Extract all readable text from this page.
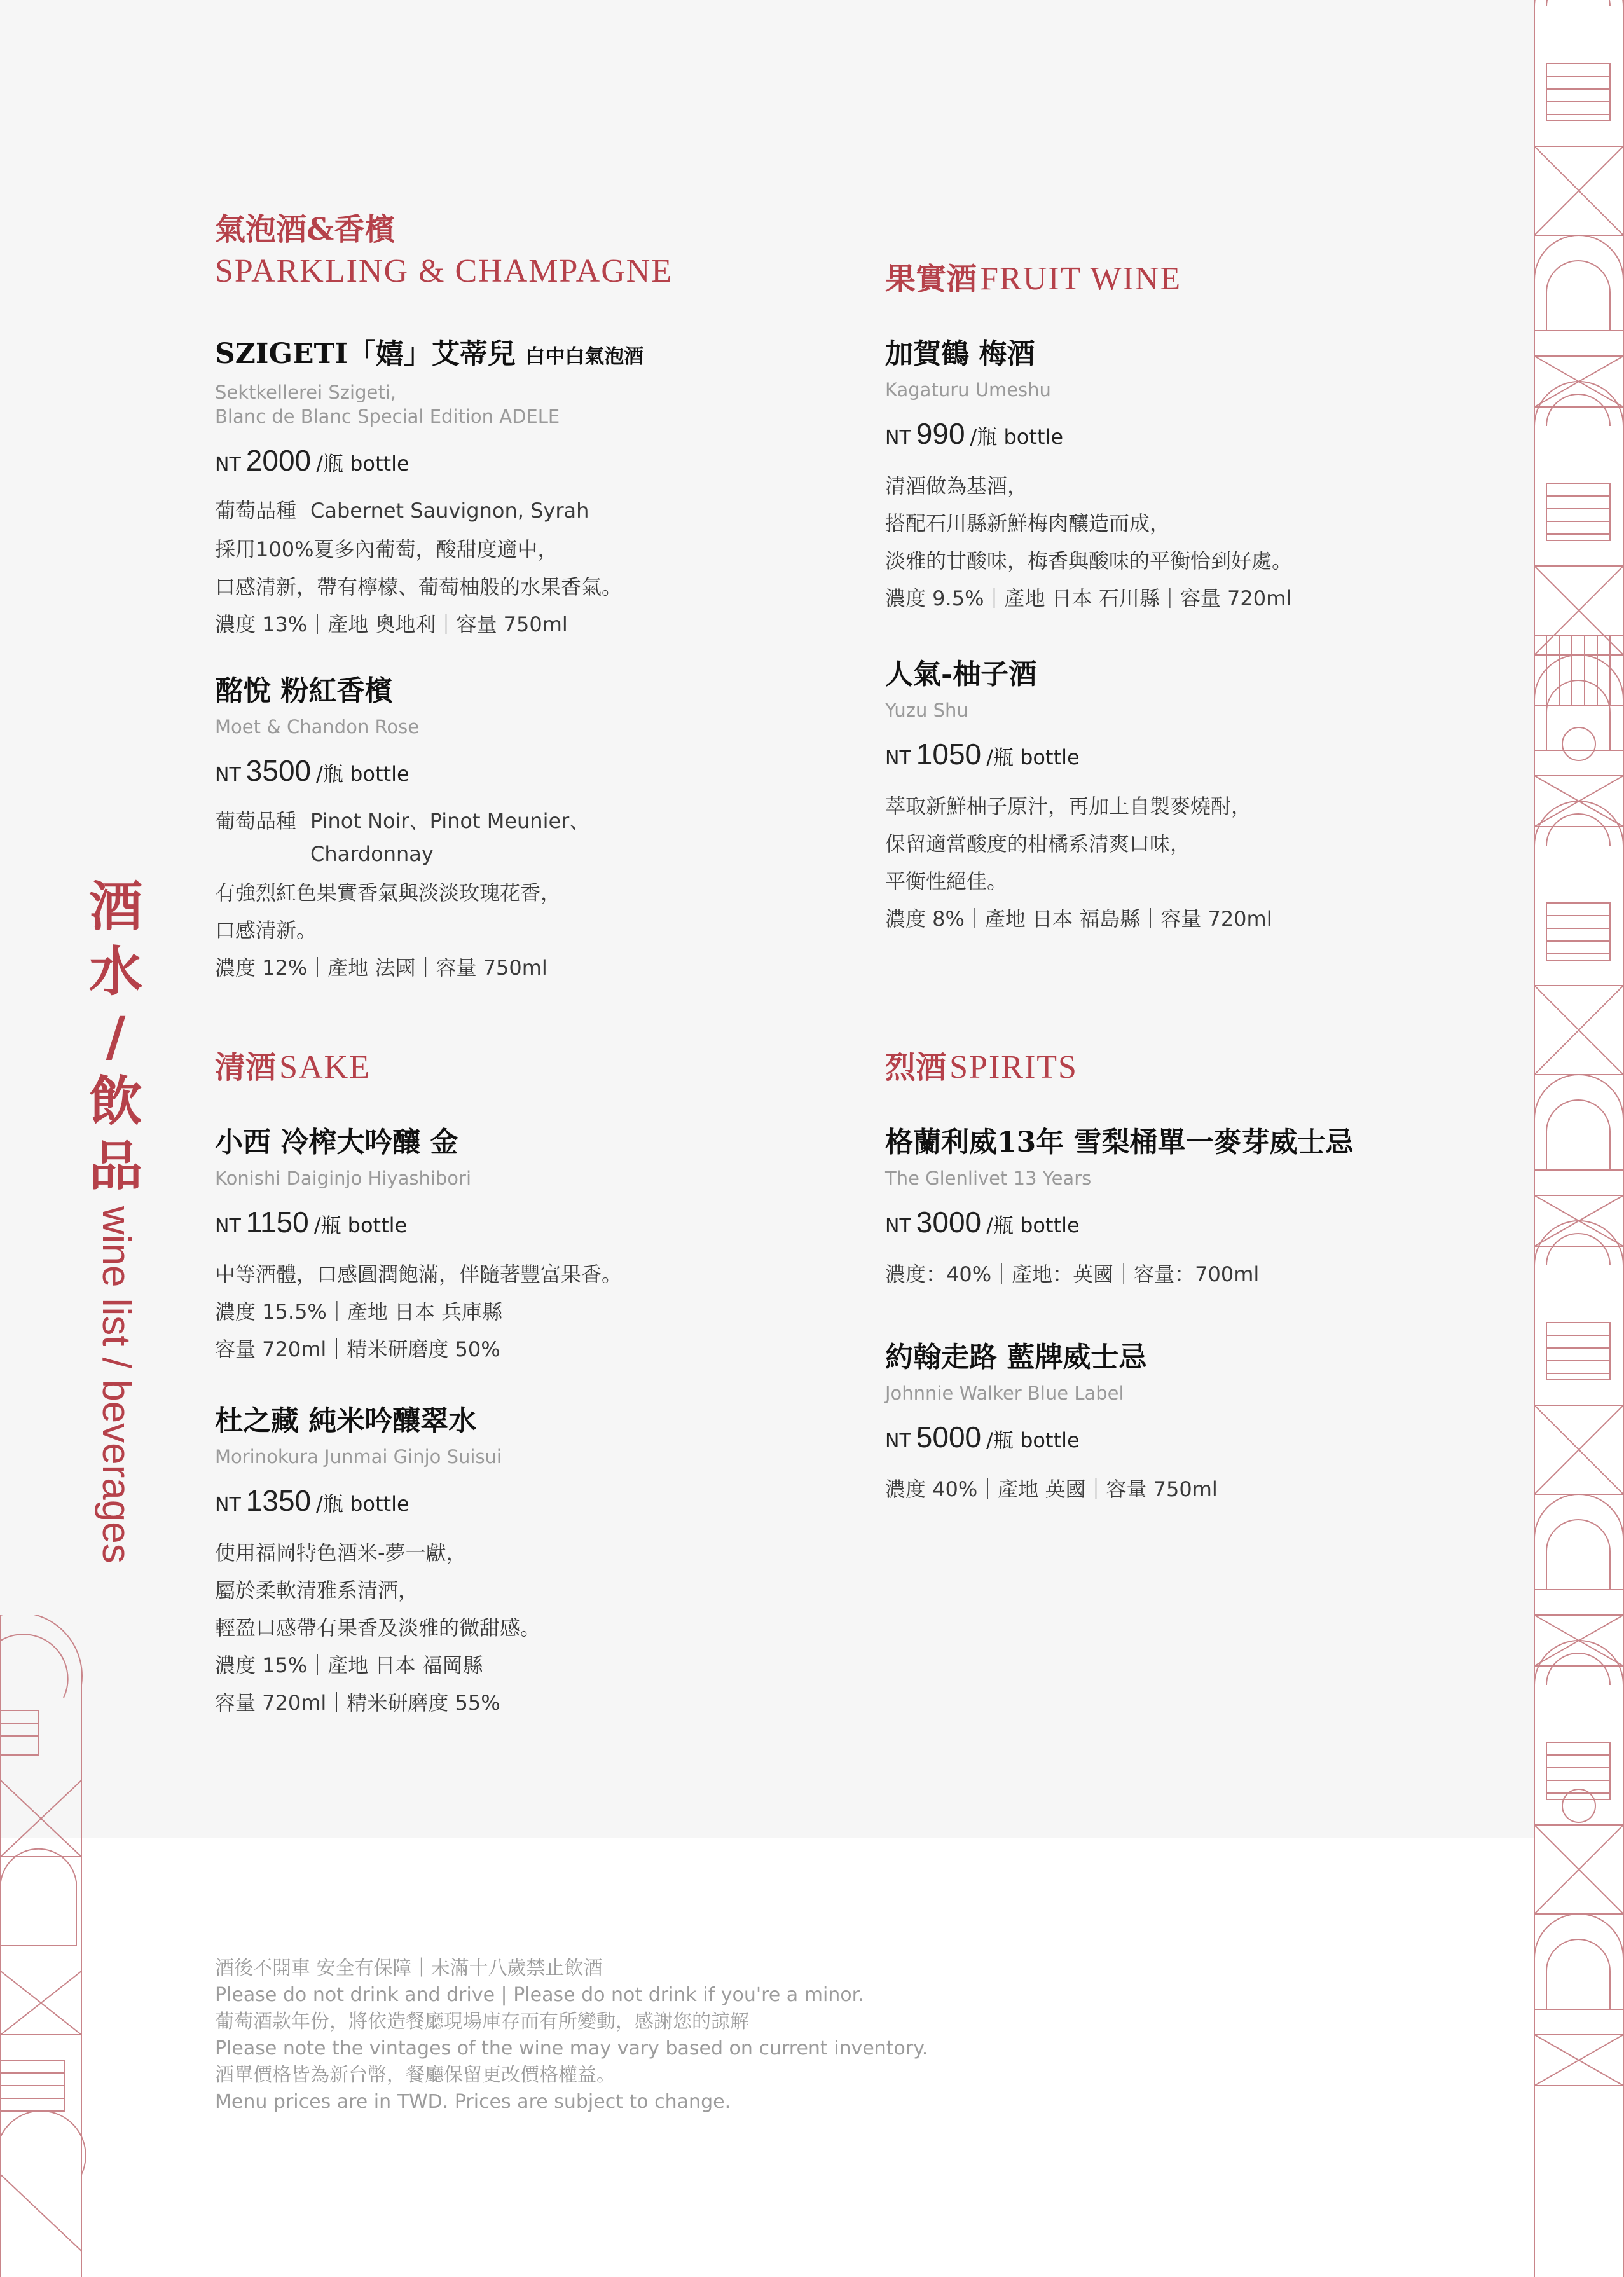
酒
水
/
飲
品
wine list / beverages
氣泡酒&香檳
SPARKLING & CHAMPAGNE
SZIGETI「嬉」艾蒂兒 白中白氣泡酒
Sektkellerei Szigeti,
Blanc de Blanc Special Edition ADELE
NT 2000 /瓶 bottle
葡萄品種 Cabernet Sauvignon, Syrah
採用100%夏多內葡萄，酸甜度適中，
口感清新，帶有檸檬、葡萄柚般的水果香氣。
濃度 13%｜產地 奧地利｜容量 750ml
酩悅 粉紅香檳
Moet & Chandon Rose
NT 3500 /瓶 bottle
葡萄品種 Pinot Noir、Pinot Meunier、
Chardonnay
有強烈紅色果實香氣與淡淡玫瑰花香，
口感清新。
濃度 12%｜產地 法國｜容量 750ml
果實酒 FRUIT WINE
加賀鶴 梅酒
Kagaturu Umeshu
NT 990 /瓶 bottle
清酒做為基酒，
搭配石川縣新鮮梅肉釀造而成，
淡雅的甘酸味，梅香與酸味的平衡恰到好處。
濃度 9.5%｜產地 日本 石川縣｜容量 720ml
人氣-柚子酒
Yuzu Shu
NT 1050 /瓶 bottle
萃取新鮮柚子原汁，再加上自製麥燒酎，
保留適當酸度的柑橘系清爽口味，
平衡性絕佳。
濃度 8%｜產地 日本 福島縣｜容量 720ml
清酒 SAKE
小西 冷榨大吟釀 金
Konishi Daiginjo Hiyashibori
NT 1150 /瓶 bottle
中等酒體，口感圓潤飽滿，伴隨著豐富果香。
濃度 15.5%｜產地 日本 兵庫縣
容量 720ml｜精米研磨度 50%
杜之藏 純米吟釀翠水
Morinokura Junmai Ginjo Suisui
NT 1350 /瓶 bottle
使用福岡特色酒米-夢一獻，
屬於柔軟清雅系清酒，
輕盈口感帶有果香及淡雅的微甜感。
濃度 15%｜產地 日本 福岡縣
容量 720ml｜精米研磨度 55%
烈酒 SPIRITS
格蘭利威13年 雪梨桶單一麥芽威士忌
The Glenlivet 13 Years
NT 3000 /瓶 bottle
濃度：40%｜產地：英國｜容量：700ml
約翰走路 藍牌威士忌
Johnnie Walker Blue Label
NT 5000 /瓶 bottle
濃度 40%｜產地 英國｜容量 750ml
酒後不開車 安全有保障｜未滿十八歲禁止飲酒
Please do not drink and drive | Please do not drink if you're a minor.
葡萄酒款年份，將依造餐廳現場庫存而有所變動，感謝您的諒解
Please note the vintages of the wine may vary based on current inventory.
酒單價格皆為新台幣，餐廳保留更改價格權益。
Menu prices are in TWD. Prices are subject to change.
